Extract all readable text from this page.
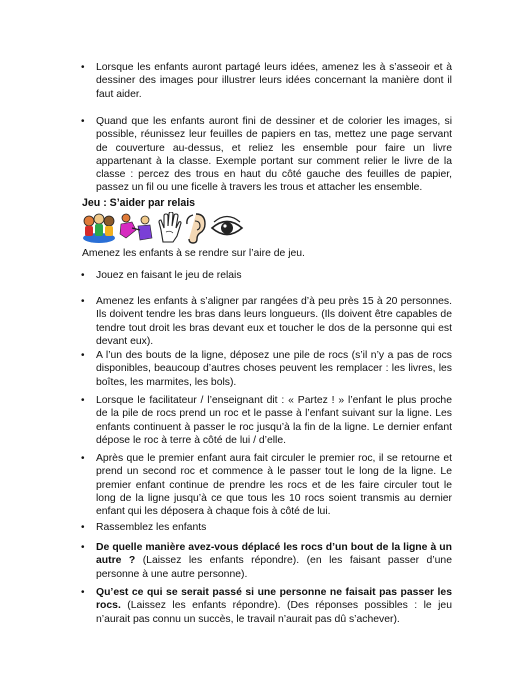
• Lorsque les enfants auront partagé leurs idées, amenez les à s’asseoir et à dessiner des images pour illustrer leurs idées concernant la manière dont il faut aider.
• Quand que les enfants auront fini de dessiner et de colorier les images, si possible, réunissez leur feuilles de papiers en tas, mettez une page servant de couverture au-dessus, et reliez les ensemble pour faire un livre appartenant à la classe. Exemple portant sur comment relier le livre de la classe : percez des trous en haut du côté gauche des feuilles de papier, passez un fil ou une ficelle à travers les trous et attacher les ensemble.
Jeu : S’aider par relais
Amenez les enfants à se rendre sur l’aire de jeu.
• Jouez en faisant le jeu de relais
• Amenez les enfants à s’aligner par rangées d’à peu près 15 à 20 personnes. Ils doivent tendre les bras dans leurs longueurs. (Ils doivent être capables de tendre tout droit les bras devant eux et toucher le dos de la personne qui est devant eux).
• A l’un des bouts de la ligne, déposez une pile de rocs (s’il n’y a pas de rocs disponibles, beaucoup d’autres choses peuvent les remplacer : les livres, les boîtes, les marmites, les bols).
• Lorsque le facilitateur / l’enseignant dit : « Partez ! » l’enfant le plus proche de la pile de rocs prend un roc et le passe à l’enfant suivant sur la ligne. Les enfants continuent à passer le roc jusqu’à la fin de la ligne. Le dernier enfant dépose le roc à terre à côté de lui / d’elle.
• Après que le premier enfant aura fait circuler le premier roc, il se retourne et prend un second roc et commence à le passer tout le long de la ligne. Le premier enfant continue de prendre les rocs et de les faire circuler tout le long de la ligne jusqu’à ce que tous les 10 rocs soient transmis au dernier enfant qui les déposera à chaque fois à côté de lui.
• Rassemblez les enfants
• De quelle manière avez-vous déplacé les rocs d’un bout de la ligne à un autre ? (Laissez les enfants répondre). (en les faisant passer d’une personne à une autre personne).
• Qu’est ce qui se serait passé si une personne ne faisait pas passer les rocs. (Laissez les enfants répondre). (Des réponses possibles : le jeu n’aurait pas connu un succès, le travail n’aurait pas dû s’achever).
